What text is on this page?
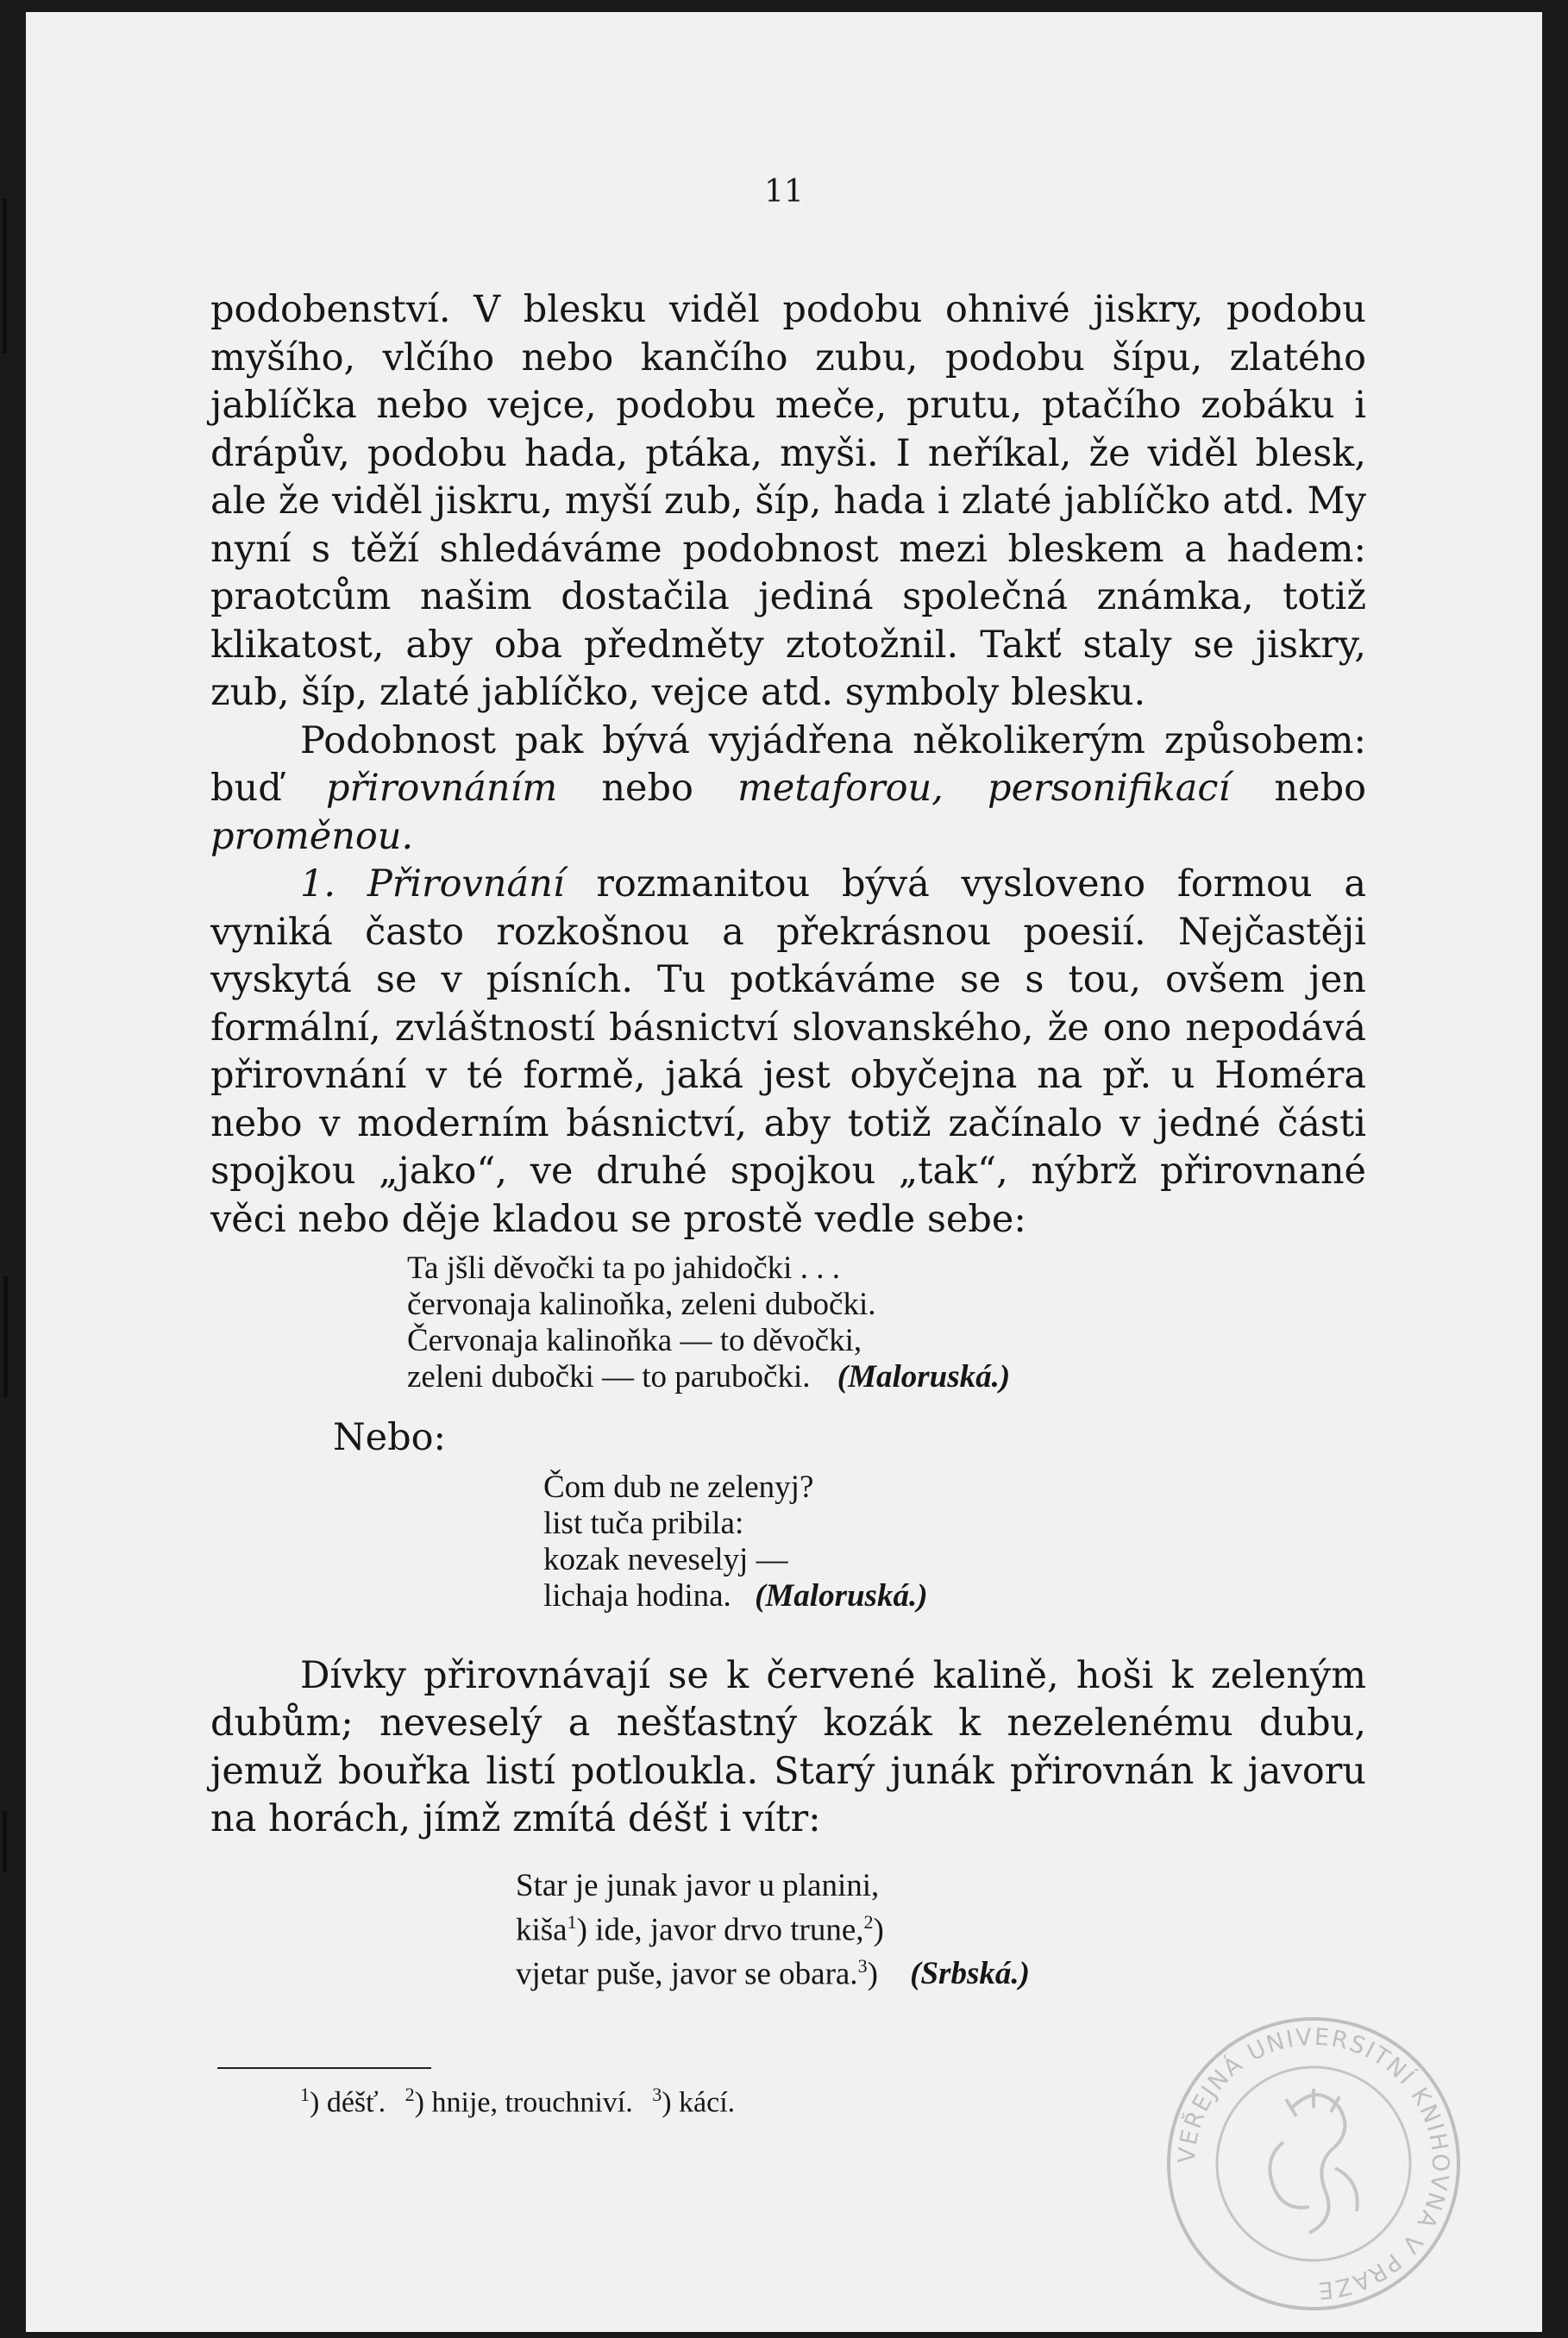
11

podobenství. V blesku viděl podobu ohnivé jiskry, podobu myšího, vlčího nebo kančího zubu, podobu šípu, zlatého jablíčka nebo vejce, podobu meče, prutu, ptačího zobáku i drápův, podobu hada, ptáka, myši. I neříkal, že viděl blesk, ale že viděl jiskru, myší zub, šíp, hada i zlaté jablíčko atd. My nyní s těží shledáváme podobnost mezi bleskem a hadem: praotcům našim dostačila jediná společná známka, totiž klikatost, aby oba předměty ztotožnil. Takť staly se jiskry, zub, šíp, zlaté jablíčko, vejce atd. symboly blesku.

Podobnost pak bývá vyjádřena několikerým způsobem: buď přirovnáním nebo metaforou, personifikací nebo proměnou.

1. Přirovnání rozmanitou bývá vysloveno formou a vyniká často rozkošnou a překrásnou poesií. Nejčastěji vyskytá se v písních. Tu potkáváme se s tou, ovšem jen formální, zvláštností básnictví slovanského, že ono nepodává přirovnání v té formě, jaká jest obyčejna na př. u Homéra nebo v moderním básnictví, aby totiž začínalo v jedné části spojkou „jako“, ve druhé spojkou „tak“, nýbrž přirovnané věci nebo děje kladou se prostě vedle sebe:

Ta jšli děvočki ta po jahidočki . . .
červonaja kalinoňka, zeleni dubočki.
Červonaja kalinoňka — to děvočki,
zeleni dubočki — to parubočki. (Maloruská.)
Nebo:
Čom dub ne zelenyj?
list tuča pribila:
kozak neveselyj —
lichaja hodina. (Maloruská.)

Dívky přirovnávají se k červené kalině, hoši k zeleným dubům; neveselý a nešťastný kozák k nezelenému dubu, jemuž bouřka listí potloukla. Starý junák přirovnán k javoru na horách, jímž zmítá déšť i vítr:

Star je junak javor u planini,
kiša$^1$) ide, javor drvo trune,$^2$)
vjetar puše, javor se obara.$^3$) (Srbská.)
$^1$) déšť. $^2$) hnije, trouchniví. $^3$) kácí.
VEŘEJNÁ UNIVERSITNÍ KNIHOVNA V PRAZE
